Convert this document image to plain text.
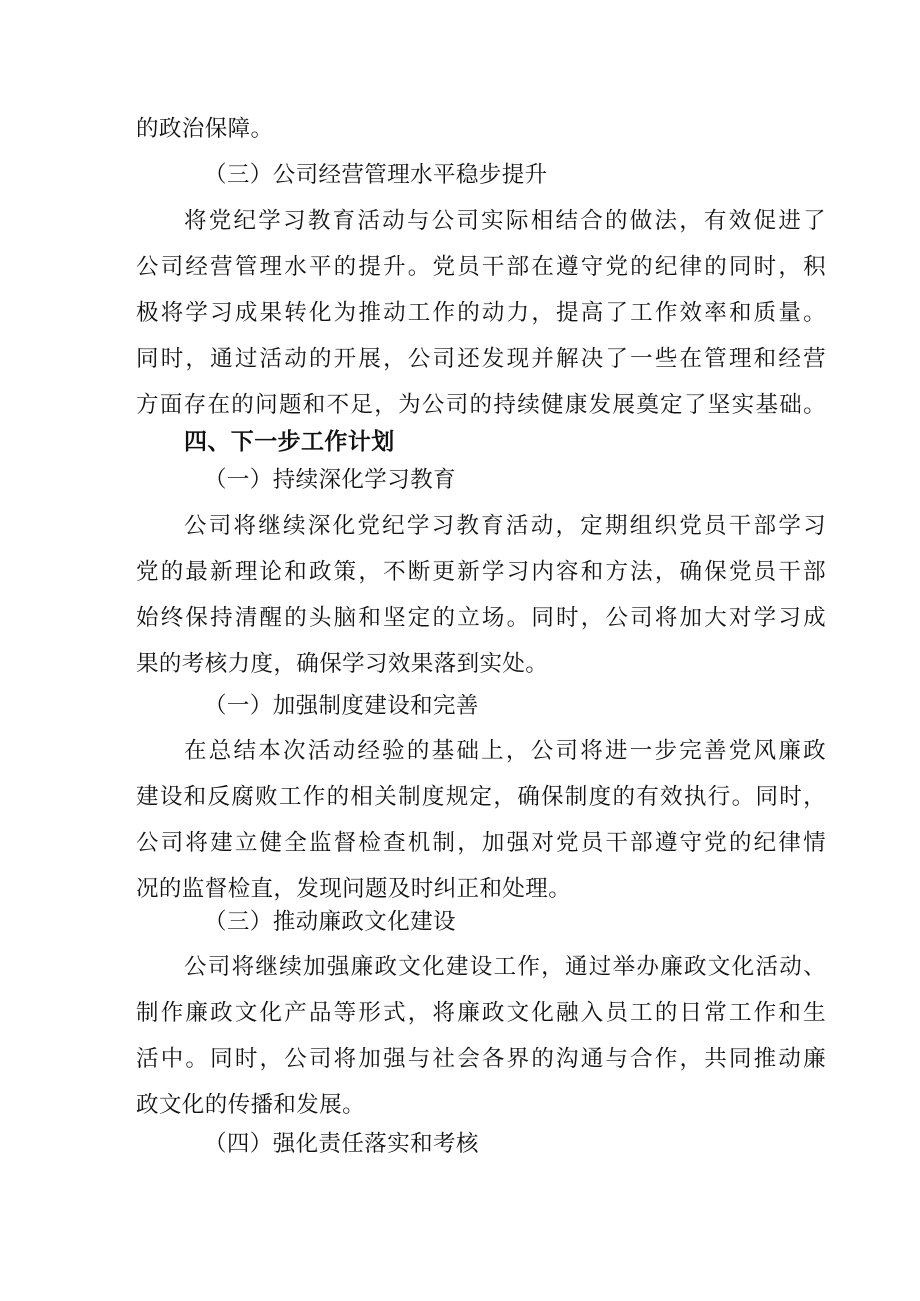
的政治保障。
（三）公司经营管理水平稳步提升
将党纪学习教育活动与公司实际相结合的做法，有效促进了
公司经营管理水平的提升。党员干部在遵守党的纪律的同时，积
极将学习成果转化为推动工作的动力，提高了工作效率和质量。
同时，通过活动的开展，公司还发现并解决了一些在管理和经营
方面存在的问题和不足，为公司的持续健康发展奠定了坚实基础。
四、下一步工作计划
（一）持续深化学习教育
公司将继续深化党纪学习教育活动，定期组织党员干部学习
党的最新理论和政策，不断更新学习内容和方法，确保党员干部
始终保持清醒的头脑和坚定的立场。同时，公司将加大对学习成
果的考核力度，确保学习效果落到实处。
（一）加强制度建设和完善
在总结本次活动经验的基础上，公司将进一步完善党风廉政
建设和反腐败工作的相关制度规定，确保制度的有效执行。同时，
公司将建立健全监督检查机制，加强对党员干部遵守党的纪律情
况的监督检直，发现问题及时纠正和处理。
（三）推动廉政文化建设
公司将继续加强廉政文化建设工作，通过举办廉政文化活动、
制作廉政文化产品等形式，将廉政文化融入员工的日常工作和生
活中。同时，公司将加强与社会各界的沟通与合作，共同推动廉
政文化的传播和发展。
（四）强化责任落实和考核
